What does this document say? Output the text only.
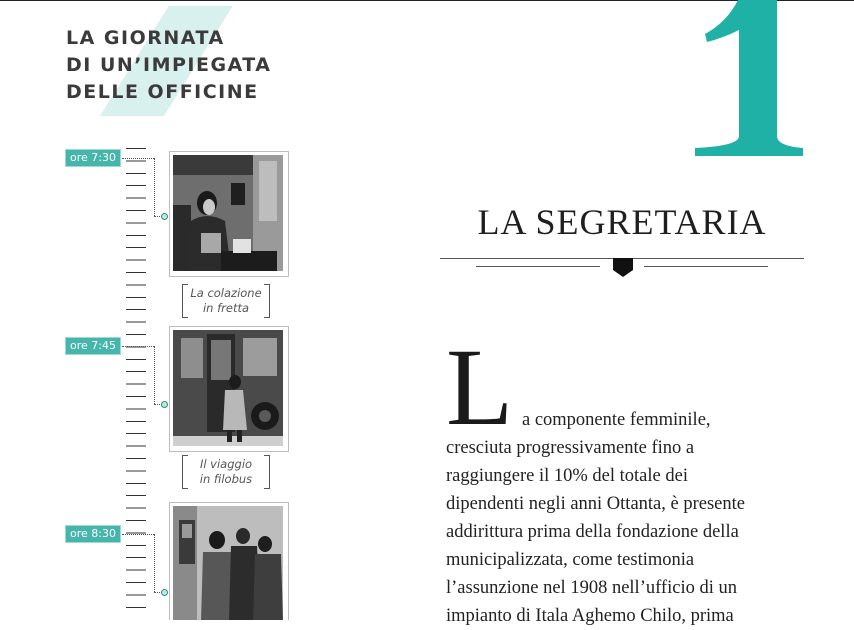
LA GIORNATA
DI UN’IMPIEGATA
DELLE OFFICINE
ore 7:30
La colazione
in fretta
ore 7:45
Il viaggio
in filobus
ore 8:30
LA SEGRETARIA
L a componente femminile,
cresciuta progressivamente fino a
raggiungere il 10% del totale dei
dipendenti negli anni Ottanta, è presente
addirittura prima della fondazione della
municipalizzata, come testimonia
l’assunzione nel 1908 nell’ufficio di un
impianto di Itala Aghemo Chilo, prima
